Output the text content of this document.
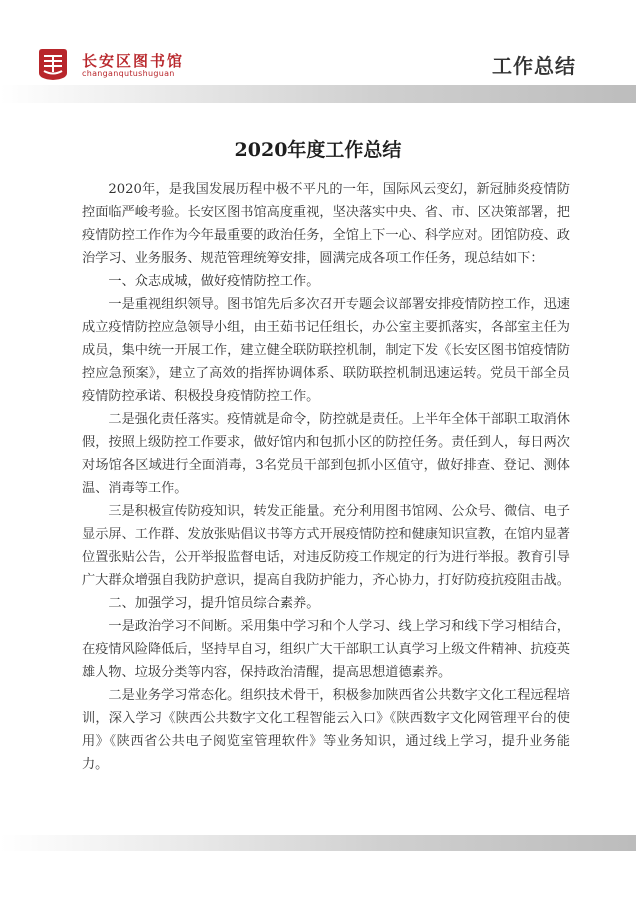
长安区图书馆
changanqutushuguan	工作总结
2020年度工作总结

2020年，是我国发展历程中极不平凡的一年，国际风云变幻，新冠肺炎疫情防控面临严峻考验。长安区图书馆高度重视，坚决落实中央、省、市、区决策部署，把疫情防控工作作为今年最重要的政治任务，全馆上下一心、科学应对。团馆防疫、政治学习、业务服务、规范管理统筹安排，圆满完成各项工作任务，现总结如下：

一、众志成城，做好疫情防控工作。

一是重视组织领导。图书馆先后多次召开专题会议部署安排疫情防控工作，迅速成立疫情防控应急领导小组，由王茹书记任组长，办公室主要抓落实，各部室主任为成员，集中统一开展工作，建立健全联防联控机制，制定下发《长安区图书馆疫情防控应急预案》，建立了高效的指挥协调体系、联防联控机制迅速运转。党员干部全员疫情防控承诺、积极投身疫情防控工作。

二是强化责任落实。疫情就是命令，防控就是责任。上半年全体干部职工取消休假，按照上级防控工作要求，做好馆内和包抓小区的防控任务。责任到人，每日两次对场馆各区域进行全面消毒，3名党员干部到包抓小区值守，做好排查、登记、测体温、消毒等工作。

三是积极宣传防疫知识，转发正能量。充分利用图书馆网、公众号、微信、电子显示屏、工作群、发放张贴倡议书等方式开展疫情防控和健康知识宣教，在馆内显著位置张贴公告，公开举报监督电话，对违反防疫工作规定的行为进行举报。教育引导广大群众增强自我防护意识，提高自我防护能力，齐心协力，打好防疫抗疫阻击战。

二、加强学习，提升馆员综合素养。

一是政治学习不间断。采用集中学习和个人学习、线上学习和线下学习相结合，在疫情风险降低后，坚持早自习，组织广大干部职工认真学习上级文件精神、抗疫英雄人物、垃圾分类等内容，保持政治清醒，提高思想道德素养。

二是业务学习常态化。组织技术骨干，积极参加陕西省公共数字文化工程远程培训，深入学习《陕西公共数字文化工程智能云入口》《陕西数字文化网管理平台的使用》《陕西省公共电子阅览室管理软件》等业务知识，通过线上学习，提升业务能力。
